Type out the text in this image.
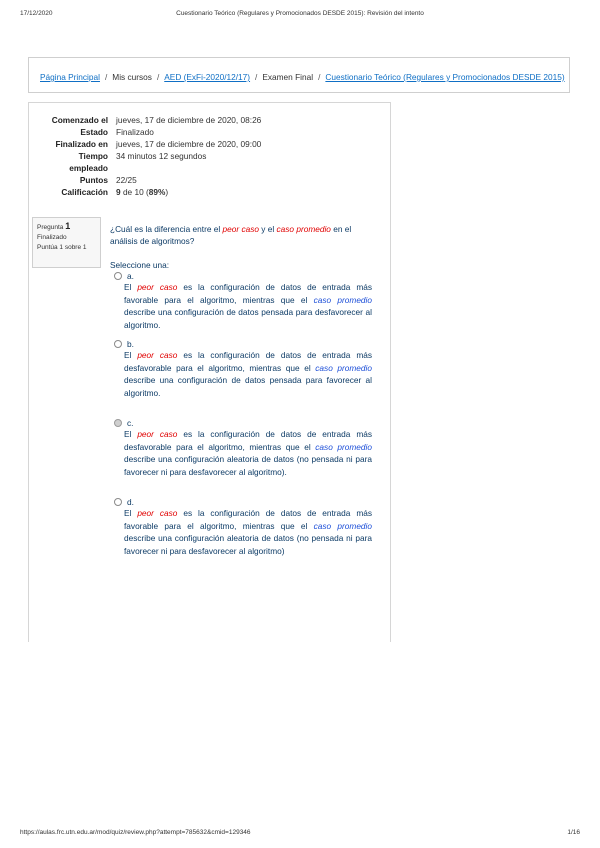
17/12/2020	Cuestionario Teórico (Regulares y Promocionados DESDE 2015): Revisión del intento
Página Principal / Mis cursos / AED (ExFi-2020/12/17) / Examen Final / Cuestionario Teórico (Regulares y Promocionados DESDE 2015)
Comenzado el jueves, 17 de diciembre de 2020, 08:26
Estado Finalizado
Finalizado en jueves, 17 de diciembre de 2020, 09:00
Tiempo
empleado
34 minutos 12 segundos
Puntos 22/25
Calificación 9 de 10 (89%)
Pregunta 1
Finalizado
Puntúa 1 sobre 1
¿Cuál es la diferencia entre el peor caso y el caso promedio en el análisis de algoritmos?
Seleccione una:
a.
El peor caso es la configuración de datos de entrada más favorable para el algoritmo, mientras que el caso promedio describe una configuración de datos pensada para desfavorecer al algoritmo.
b.
El peor caso es la configuración de datos de entrada más desfavorable para el algoritmo, mientras que el caso promedio describe una configuración de datos pensada para favorecer al algoritmo.
c.
El peor caso es la configuración de datos de entrada más desfavorable para el algoritmo, mientras que el caso promedio describe una configuración aleatoria de datos (no pensada ni para favorecer ni para desfavorecer al algoritmo).
d.
El peor caso es la configuración de datos de entrada más favorable para el algoritmo, mientras que el caso promedio describe una configuración aleatoria de datos (no pensada ni para favorecer ni para desfavorecer al algoritmo)
https://aulas.frc.utn.edu.ar/mod/quiz/review.php?attempt=785632&cmid=129346	1/16
